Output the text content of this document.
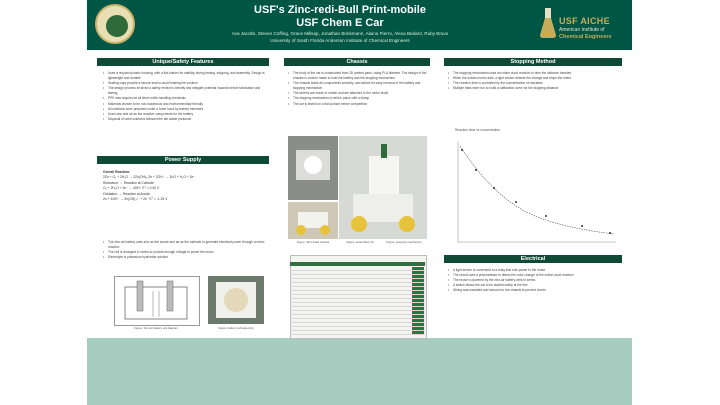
USF's Zinc-redi-Bull Print-mobile
USF Chem E Car
Ava Jacobs, Steven Coffing, Grace Millsap, Jonathan Brinkmann, Alaina Pierro, Alexa Bedard, Ruby Bravo
University of South Florida Anderson Institute of Chemical Engineers
USF AICHE
American Institute of
Chemical Engineers
Unique/Safety Features
• Uses a recycled plastic housing, with a flat-bottom for stability during testing, shipping, and assembly. Design is lightweight and durable
• Sealing caps provide a secure seal to avoid leaking the solution
• The design process involved a safety review to identify and mitigate potential hazards before fabrication and testing
• PPE was required at all times while handling chemicals
• Materials chosen to be non-hazardous and environmentally friendly
• All solutions were prepared under a fume hood by trained members
• Used zinc and air as the reactive components for the battery
• Disposal of used solutions followed the lab waste protocols
Power Supply

Overall Reaction:

2Zn + O₂ + 2H₂O → 2Zn(OH)₂ Zn + 2OH⁻ → ZnO + H₂O + 2e⁻

Reduction: → Reaction at Cathode

O₂ + 2H₂O + 4e⁻ → 4OH⁻ E° = 0.40 V

Oxidation: → Reaction at Anode

Zn + 4OH⁻ → Zn(OH)₄²⁻ + 2e⁻ E° = -1.25 V

• The zinc-air battery uses zinc as the anode and air as the cathode to generate electrical power through a redox reaction
• The cell is arranged in series to provide enough voltage to power the motor
• Electrolyte is potassium hydroxide solution
Figure: zinc-air battery cell diagram	Figure: battery cell assembly
Chassis
• The body of the car is constructed from 3D printed parts, using PLA filament. The design of the chassis is custom made to hold the battery and the stopping mechanism
• The chassis holds all components securely, and allows for easy removal of the battery and stopping mechanism
• The wheels are made of rubber and are attached to the motor shaft
• The stopping mechanism is held in place with a clamp
• The car is tested on a flat surface before competition
Figure: 3D printed chassis	Figure: assembled car	Figure: stopping mechanism
Stopping Method
• The stopping mechanism uses an iodine clock reaction to time the distance traveled
• When the solution turns dark, a light sensor detects the change and stops the motor
• The reaction time is controlled by the concentration of reactants
• Multiple trials were run to build a calibration curve for the stopping distance
Reaction time vs concentration
Electrical
• A light sensor is connected to a relay that cuts power to the motor
• The circuit uses a photoresistor to detect the color change of the iodine clock reaction
• The motor is powered by the zinc-air battery cells in series
• A switch allows the car to be started safely at the line
• Wiring was insulated and secured to the chassis to prevent shorts
